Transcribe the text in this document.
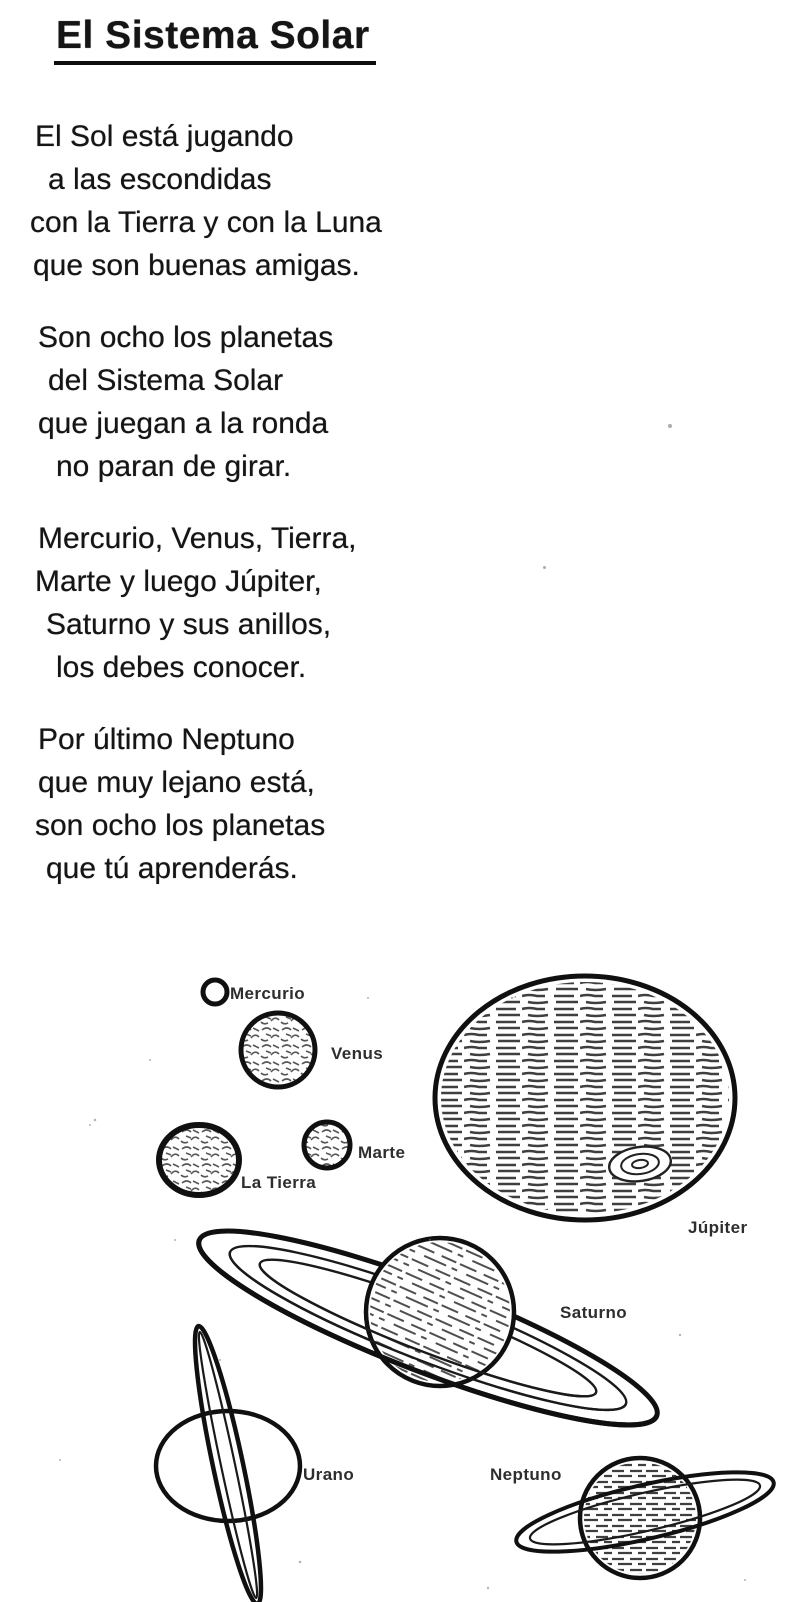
El Sistema Solar
El Sol está jugando
a las escondidas
con la Tierra y con la Luna
que son buenas amigas.
Son ocho los planetas
del Sistema Solar
que juegan a la ronda
no paran de girar.
Mercurio, Venus, Tierra,
Marte y luego Júpiter,
Saturno y sus anillos,
los debes conocer.
Por último Neptuno
que muy lejano está,
son ocho los planetas
que tú aprenderás.
Mercurio
Venus
Marte
La Tierra
Júpiter
Saturno
Urano	Neptuno
